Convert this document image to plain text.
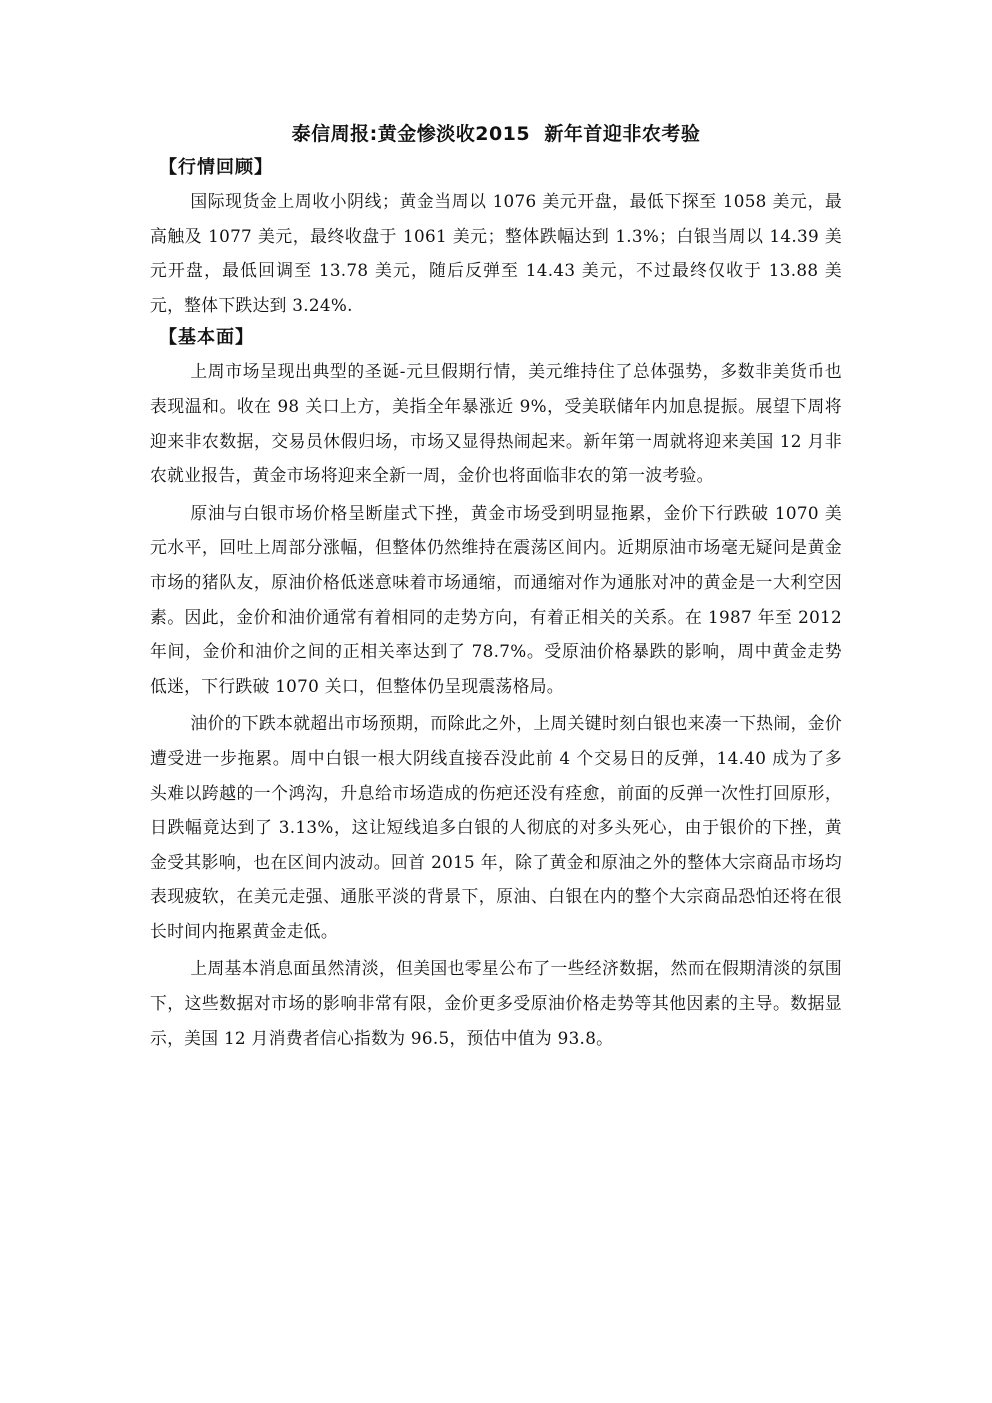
泰信周报:黄金惨淡收2015  新年首迎非农考验
【行情回顾】

国际现货金上周收小阴线；黄金当周以 1076 美元开盘，最低下探至 1058 美元，最高触及 1077 美元，最终收盘于 1061 美元；整体跌幅达到 1.3%；白银当周以 14.39 美元开盘，最低回调至 13.78 美元，随后反弹至 14.43 美元，不过最终仅收于 13.88 美元，整体下跌达到 3.24%.

【基本面】

上周市场呈现出典型的圣诞-元旦假期行情，美元维持住了总体强势，多数非美货币也表现温和。收在 98 关口上方，美指全年暴涨近 9%，受美联储年内加息提振。展望下周将迎来非农数据，交易员休假归场，市场又显得热闹起来。新年第一周就将迎来美国 12 月非农就业报告，黄金市场将迎来全新一周，金价也将面临非农的第一波考验。

原油与白银市场价格呈断崖式下挫，黄金市场受到明显拖累，金价下行跌破 1070 美元水平，回吐上周部分涨幅，但整体仍然维持在震荡区间内。近期原油市场毫无疑问是黄金市场的猪队友，原油价格低迷意味着市场通缩，而通缩对作为通胀对冲的黄金是一大利空因素。因此，金价和油价通常有着相同的走势方向，有着正相关的关系。在 1987 年至 2012 年间，金价和油价之间的正相关率达到了 78.7%。受原油价格暴跌的影响，周中黄金走势低迷，下行跌破 1070 关口，但整体仍呈现震荡格局。

油价的下跌本就超出市场预期，而除此之外，上周关键时刻白银也来凑一下热闹，金价遭受进一步拖累。周中白银一根大阴线直接吞没此前 4 个交易日的反弹，14.40 成为了多头难以跨越的一个鸿沟，升息给市场造成的伤疤还没有痊愈，前面的反弹一次性打回原形，日跌幅竟达到了 3.13%，这让短线追多白银的人彻底的对多头死心，由于银价的下挫，黄金受其影响，也在区间内波动。回首 2015 年，除了黄金和原油之外的整体大宗商品市场均表现疲软，在美元走强、通胀平淡的背景下，原油、白银在内的整个大宗商品恐怕还将在很长时间内拖累黄金走低。

上周基本消息面虽然清淡，但美国也零星公布了一些经济数据，然而在假期清淡的氛围下，这些数据对市场的影响非常有限，金价更多受原油价格走势等其他因素的主导。数据显示，美国 12 月消费者信心指数为 96.5，预估中值为 93.8。
